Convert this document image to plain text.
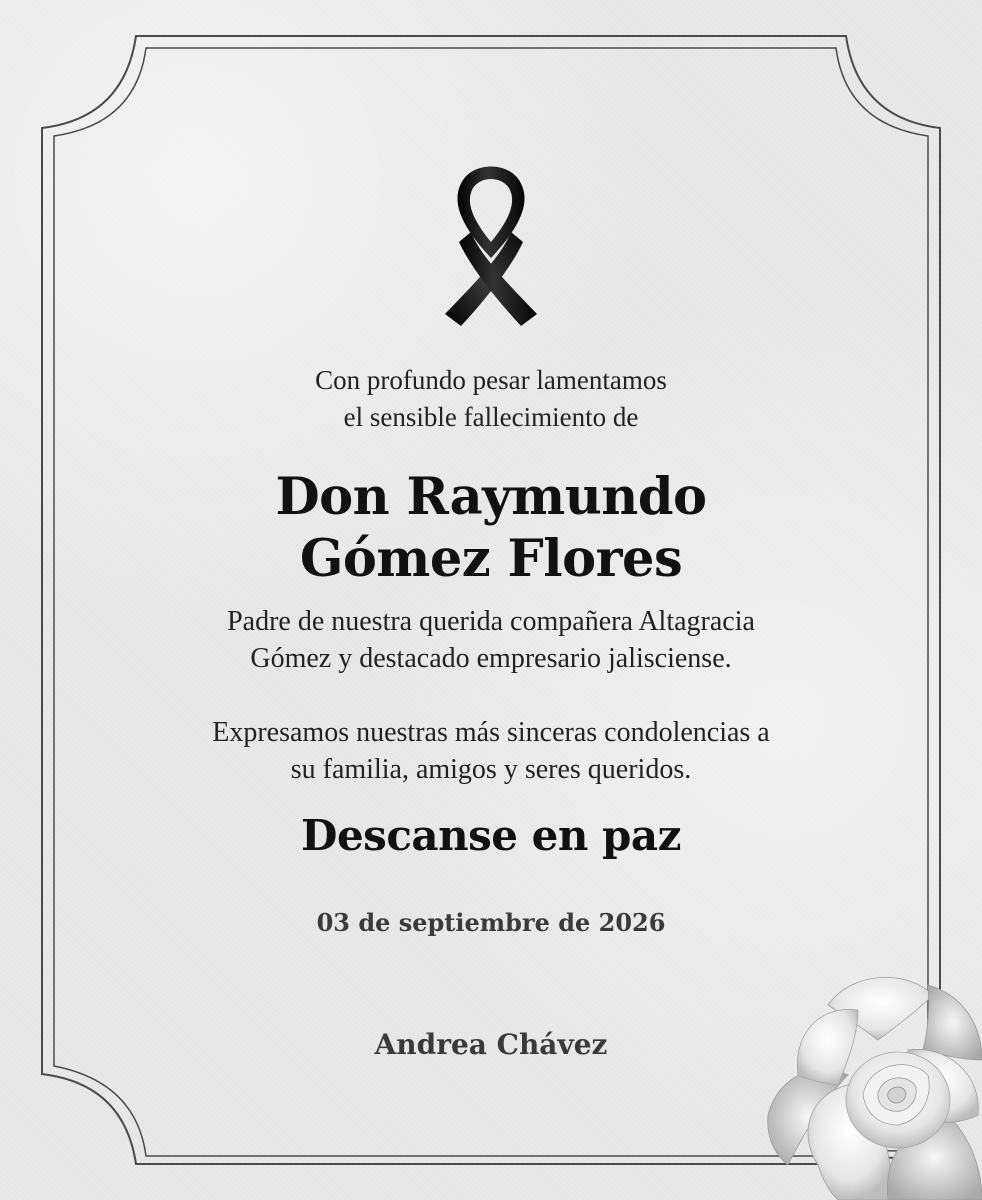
Con profundo pesar lamentamos
el sensible fallecimiento de
Don Raymundo
Gómez Flores
Padre de nuestra querida compañera Altagracia
Gómez y destacado empresario jalisciense.
Expresamos nuestras más sinceras condolencias a
su familia, amigos y seres queridos.
Descanse en paz
03 de septiembre de 2026
Andrea Chávez
